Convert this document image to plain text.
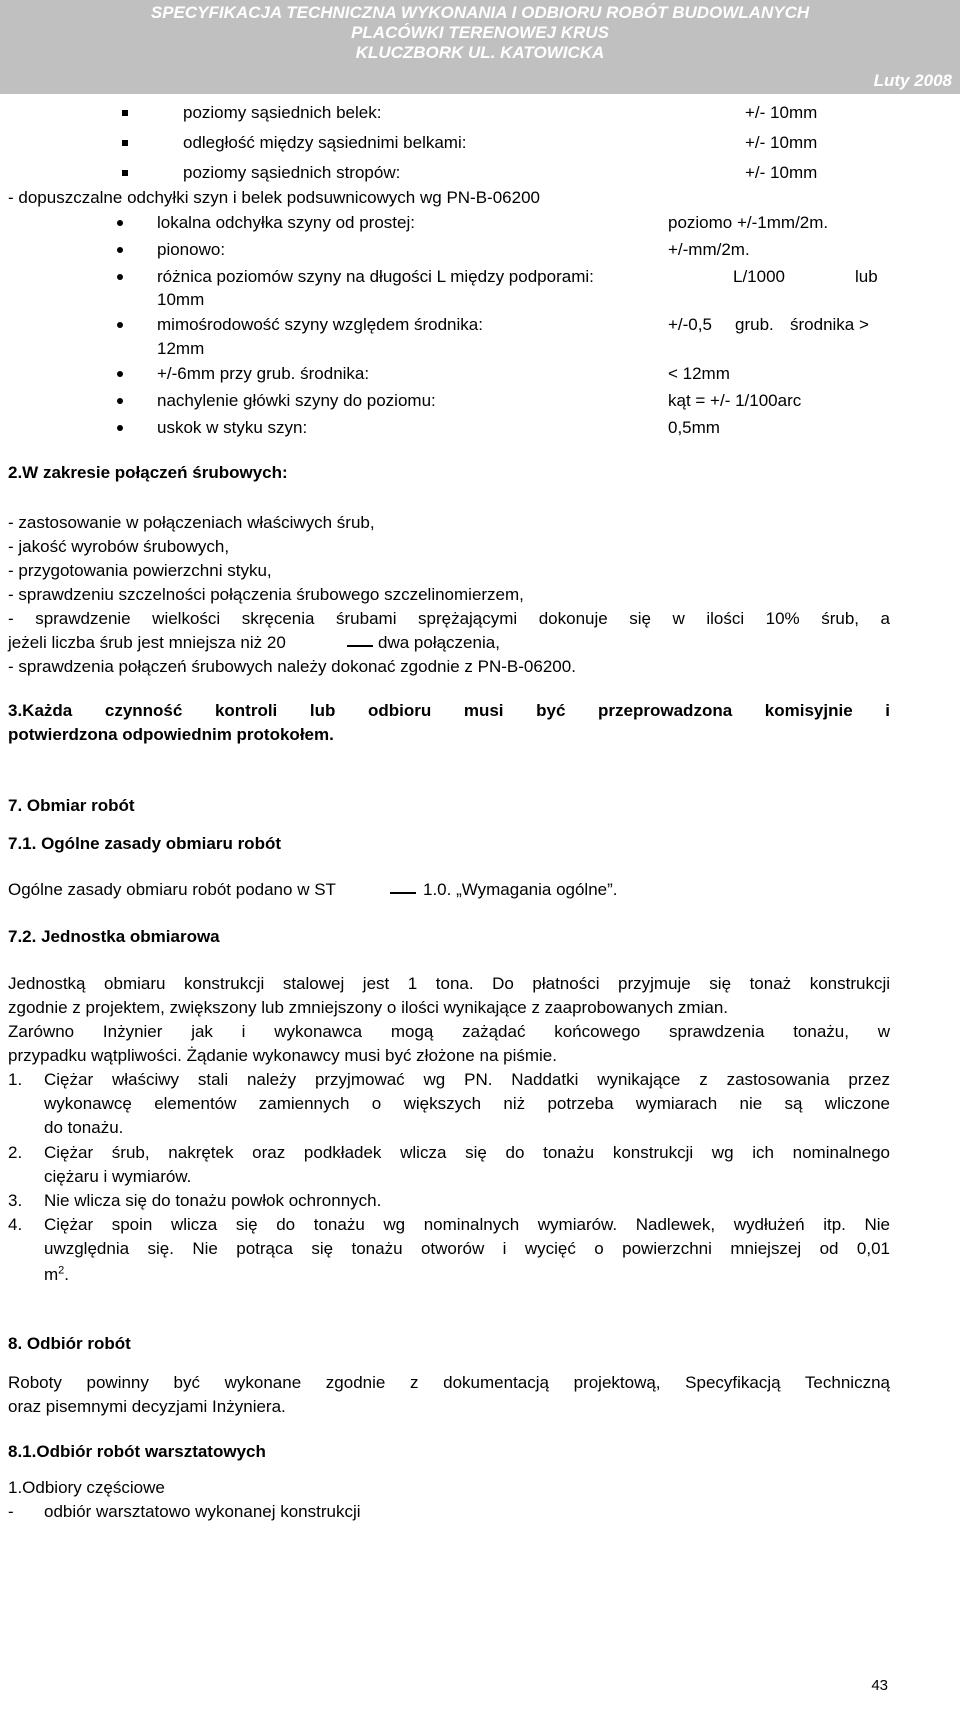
SPECYFIKACJA TECHNICZNA WYKONANIA I ODBIORU ROBÓT BUDOWLANYCH
PLACÓWKI TERENOWEJ KRUS
KLUCZBORK UL. KATOWICKA
Luty 2008
poziomy sąsiednich belek:	+/- 10mm
odległość między sąsiednimi belkami:	+/- 10mm
poziomy sąsiednich stropów:	+/- 10mm
- dopuszczalne odchyłki szyn i belek podsuwnicowych wg PN-B-06200
lokalna odchyłka szyny od prostej:	poziomo +/-1mm/2m.
pionowo:	+/-mm/2m.
różnica poziomów szyny na długości L między podporami:	L/1000	lub
10mm
mimośrodowość szyny względem środnika:	+/-0,5 grub. środnika >
12mm
+/-6mm przy grub. środnika:	< 12mm
nachylenie główki szyny do poziomu:	kąt = +/- 1/100arc
uskok w styku szyn:	0,5mm
2.W zakresie połączeń śrubowych:
- zastosowanie w połączeniach właściwych śrub,
- jakość wyrobów śrubowych,
- przygotowania powierzchni styku,
- sprawdzeniu szczelności połączenia śrubowego szczelinomierzem,
- sprawdzenie wielkości skręcenia śrubami sprężającymi dokonuje się w ilości 10% śrub, a
jeżeli liczba śrub jest mniejsza niż 20	dwa połączenia,
- sprawdzenia połączeń śrubowych należy dokonać zgodnie z PN-B-06200.
3.Każda czynność kontroli lub odbioru musi być przeprowadzona komisyjnie i
potwierdzona odpowiednim protokołem.
7. Obmiar robót
7.1. Ogólne zasady obmiaru robót
Ogólne zasady obmiaru robót podano w ST	1.0. „Wymagania ogólne”.
7.2. Jednostka obmiarowa
Jednostką obmiaru konstrukcji stalowej jest 1 tona. Do płatności przyjmuje się tonaż konstrukcji
zgodnie z projektem, zwiększony lub zmniejszony o ilości wynikające z zaaprobowanych zmian.
Zarówno Inżynier jak i wykonawca mogą zażądać końcowego sprawdzenia tonażu, w
przypadku wątpliwości. Żądanie wykonawcy musi być złożone na piśmie.
1. Ciężar właściwy stali należy przyjmować wg PN. Naddatki wynikające z zastosowania przez
wykonawcę elementów zamiennych o większych niż potrzeba wymiarach nie są wliczone
do tonażu.
2. Ciężar śrub, nakrętek oraz podkładek wlicza się do tonażu konstrukcji wg ich nominalnego
ciężaru i wymiarów.
3. Nie wlicza się do tonażu powłok ochronnych.
4. Ciężar spoin wlicza się do tonażu wg nominalnych wymiarów. Nadlewek, wydłużeń itp. Nie
uwzględnia się. Nie potrąca się tonażu otworów i wycięć o powierzchni mniejszej od 0,01
$m^2$.
8. Odbiór robót
Roboty powinny być wykonane zgodnie z dokumentacją projektową, Specyfikacją Techniczną
oraz pisemnymi decyzjami Inżyniera.
8.1.Odbiór robót warsztatowych
1.Odbiory częściowe
- odbiór warsztatowo wykonanej konstrukcji
43
